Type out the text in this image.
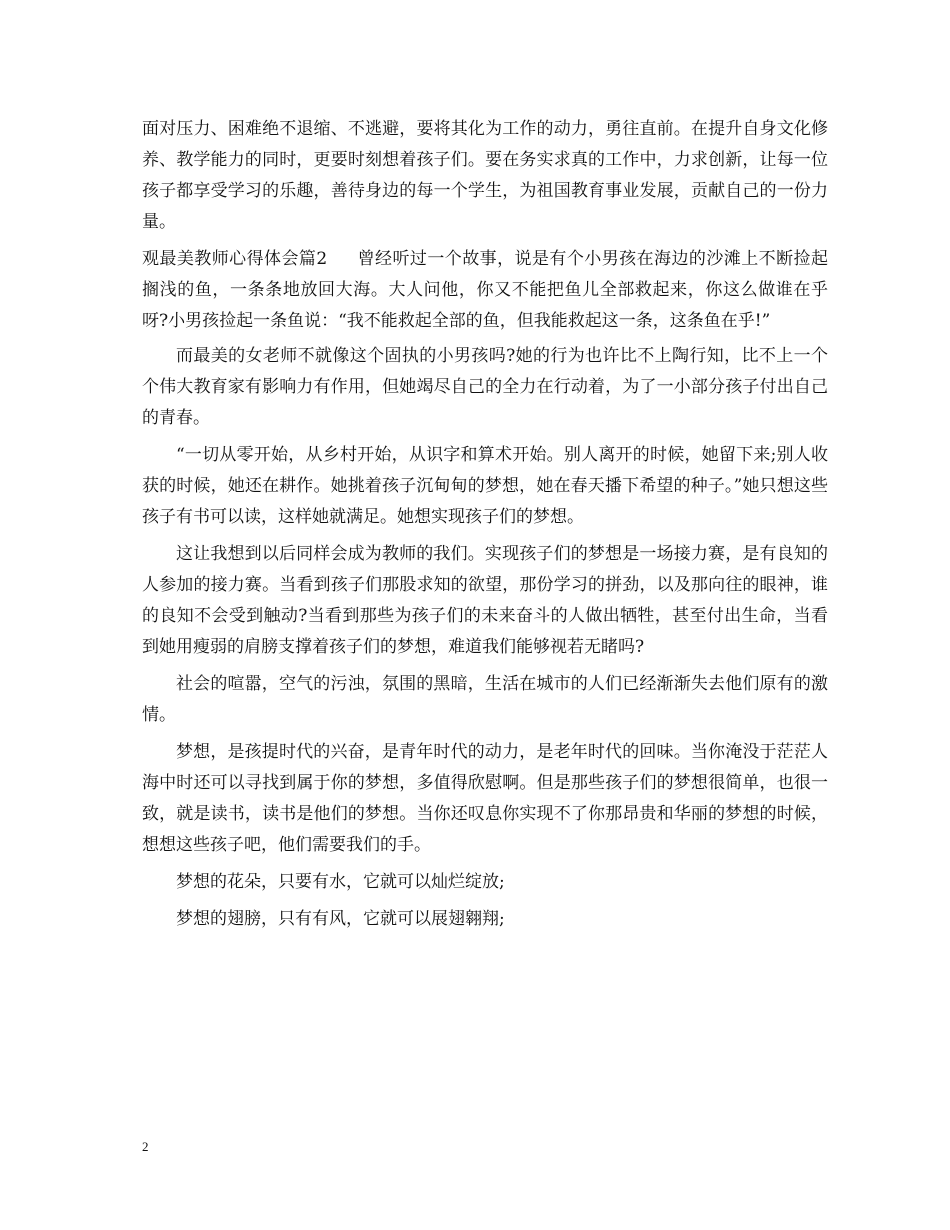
面对压力、困难绝不退缩、不逃避，要将其化为工作的动力，勇往直前。在提升自身文化修养、教学能力的同时，更要时刻想着孩子们。要在务实求真的工作中，力求创新，让每一位孩子都享受学习的乐趣，善待身边的每一个学生，为祖国教育事业发展，贡献自己的一份力量。

观最美教师心得体会篇2 曾经听过一个故事，说是有个小男孩在海边的沙滩上不断捡起搁浅的鱼，一条条地放回大海。大人问他，你又不能把鱼儿全部救起来，你这么做谁在乎呀?小男孩捡起一条鱼说：“我不能救起全部的鱼，但我能救起这一条，这条鱼在乎!”

而最美的女老师不就像这个固执的小男孩吗?她的行为也许比不上陶行知，比不上一个个伟大教育家有影响力有作用，但她竭尽自己的全力在行动着，为了一小部分孩子付出自己的青春。

“一切从零开始，从乡村开始，从识字和算术开始。别人离开的时候，她留下来;别人收获的时候，她还在耕作。她挑着孩子沉甸甸的梦想，她在春天播下希望的种子。”她只想这些孩子有书可以读，这样她就满足。她想实现孩子们的梦想。

这让我想到以后同样会成为教师的我们。实现孩子们的梦想是一场接力赛，是有良知的人参加的接力赛。当看到孩子们那股求知的欲望，那份学习的拼劲，以及那向往的眼神，谁的良知不会受到触动?当看到那些为孩子们的未来奋斗的人做出牺牲，甚至付出生命，当看到她用瘦弱的肩膀支撑着孩子们的梦想，难道我们能够视若无睹吗?

社会的喧嚣，空气的污浊，氛围的黑暗，生活在城市的人们已经渐渐失去他们原有的激情。

梦想，是孩提时代的兴奋，是青年时代的动力，是老年时代的回味。当你淹没于茫茫人海中时还可以寻找到属于你的梦想，多值得欣慰啊。但是那些孩子们的梦想很简单，也很一致，就是读书，读书是他们的梦想。当你还叹息你实现不了你那昂贵和华丽的梦想的时候，想想这些孩子吧，他们需要我们的手。

梦想的花朵，只要有水，它就可以灿烂绽放;

梦想的翅膀，只有有风，它就可以展翅翱翔;

2
